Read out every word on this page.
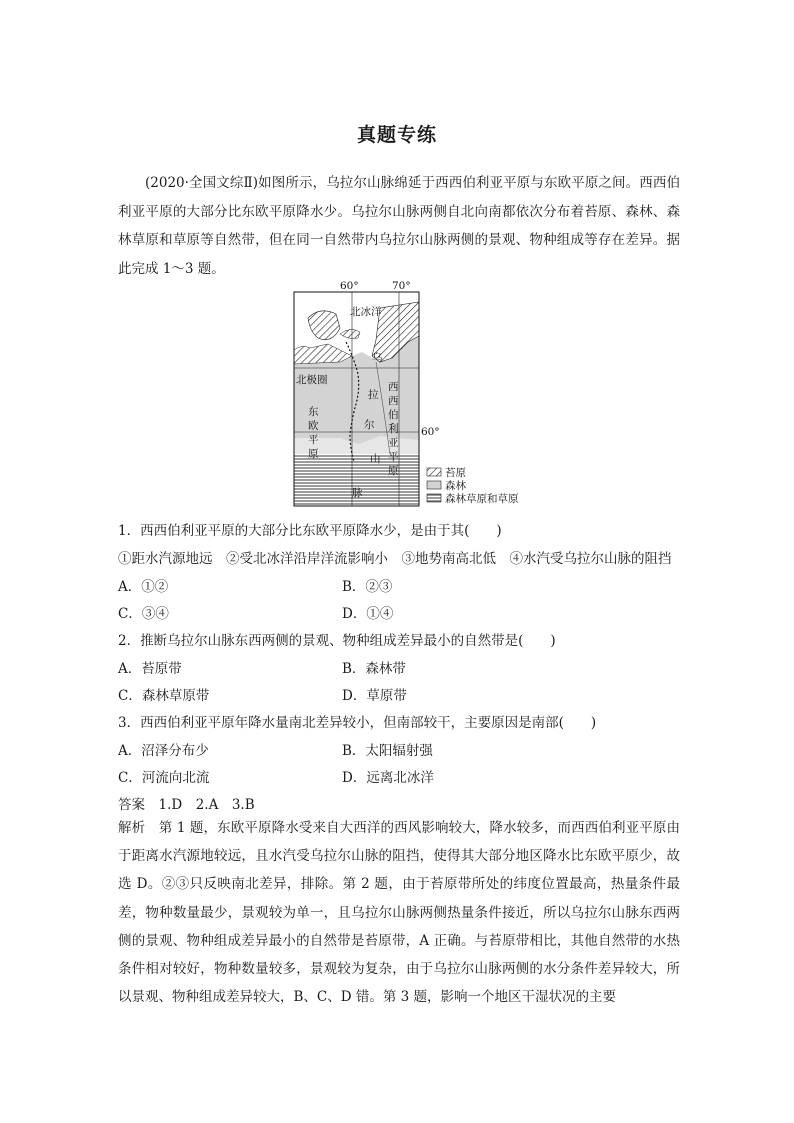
真题专练
(2020·全国文综Ⅱ)如图所示，乌拉尔山脉绵延于西西伯利亚平原与东欧平原之间。西西伯利亚平原的大部分比东欧平原降水少。乌拉尔山脉两侧自北向南都依次分布着苔原、森林、森林草原和草原等自然带，但在同一自然带内乌拉尔山脉两侧的景观、物种组成等存在差异。据此完成 1～3 题。
60°	70°
60°
北冰洋
北极圈
东
欧
平
原
西
西
伯
利
亚
平
原
乌
拉
尔
山
脉
苔原
森林
森林草原和草原
1．西西伯利亚平原的大部分比东欧平原降水少，是由于其(　　)
①距水汽源地远　②受北冰洋沿岸洋流影响小　③地势南高北低　④水汽受乌拉尔山脉的阻挡
A．①②	B．②③
C．③④	D．①④
2．推断乌拉尔山脉东西两侧的景观、物种组成差异最小的自然带是(　　)
A．苔原带	B．森林带
C．森林草原带	D．草原带
3．西西伯利亚平原年降水量南北差异较小，但南部较干，主要原因是南部(　　)
A．沼泽分布少	B．太阳辐射强
C．河流向北流	D．远离北冰洋
答案　1.D　2.A　3.B
解析　第 1 题，东欧平原降水受来自大西洋的西风影响较大，降水较多，而西西伯利亚平原由于距离水汽源地较远，且水汽受乌拉尔山脉的阻挡，使得其大部分地区降水比东欧平原少，故选 D。②③只反映南北差异，排除。第 2 题，由于苔原带所处的纬度位置最高，热量条件最差，物种数量最少，景观较为单一，且乌拉尔山脉两侧热量条件接近，所以乌拉尔山脉东西两侧的景观、物种组成差异最小的自然带是苔原带，A 正确。与苔原带相比，其他自然带的水热条件相对较好，物种数量较多，景观较为复杂，由于乌拉尔山脉两侧的水分条件差异较大，所以景观、物种组成差异较大，B、C、D 错。第 3 题，影响一个地区干湿状况的主要
